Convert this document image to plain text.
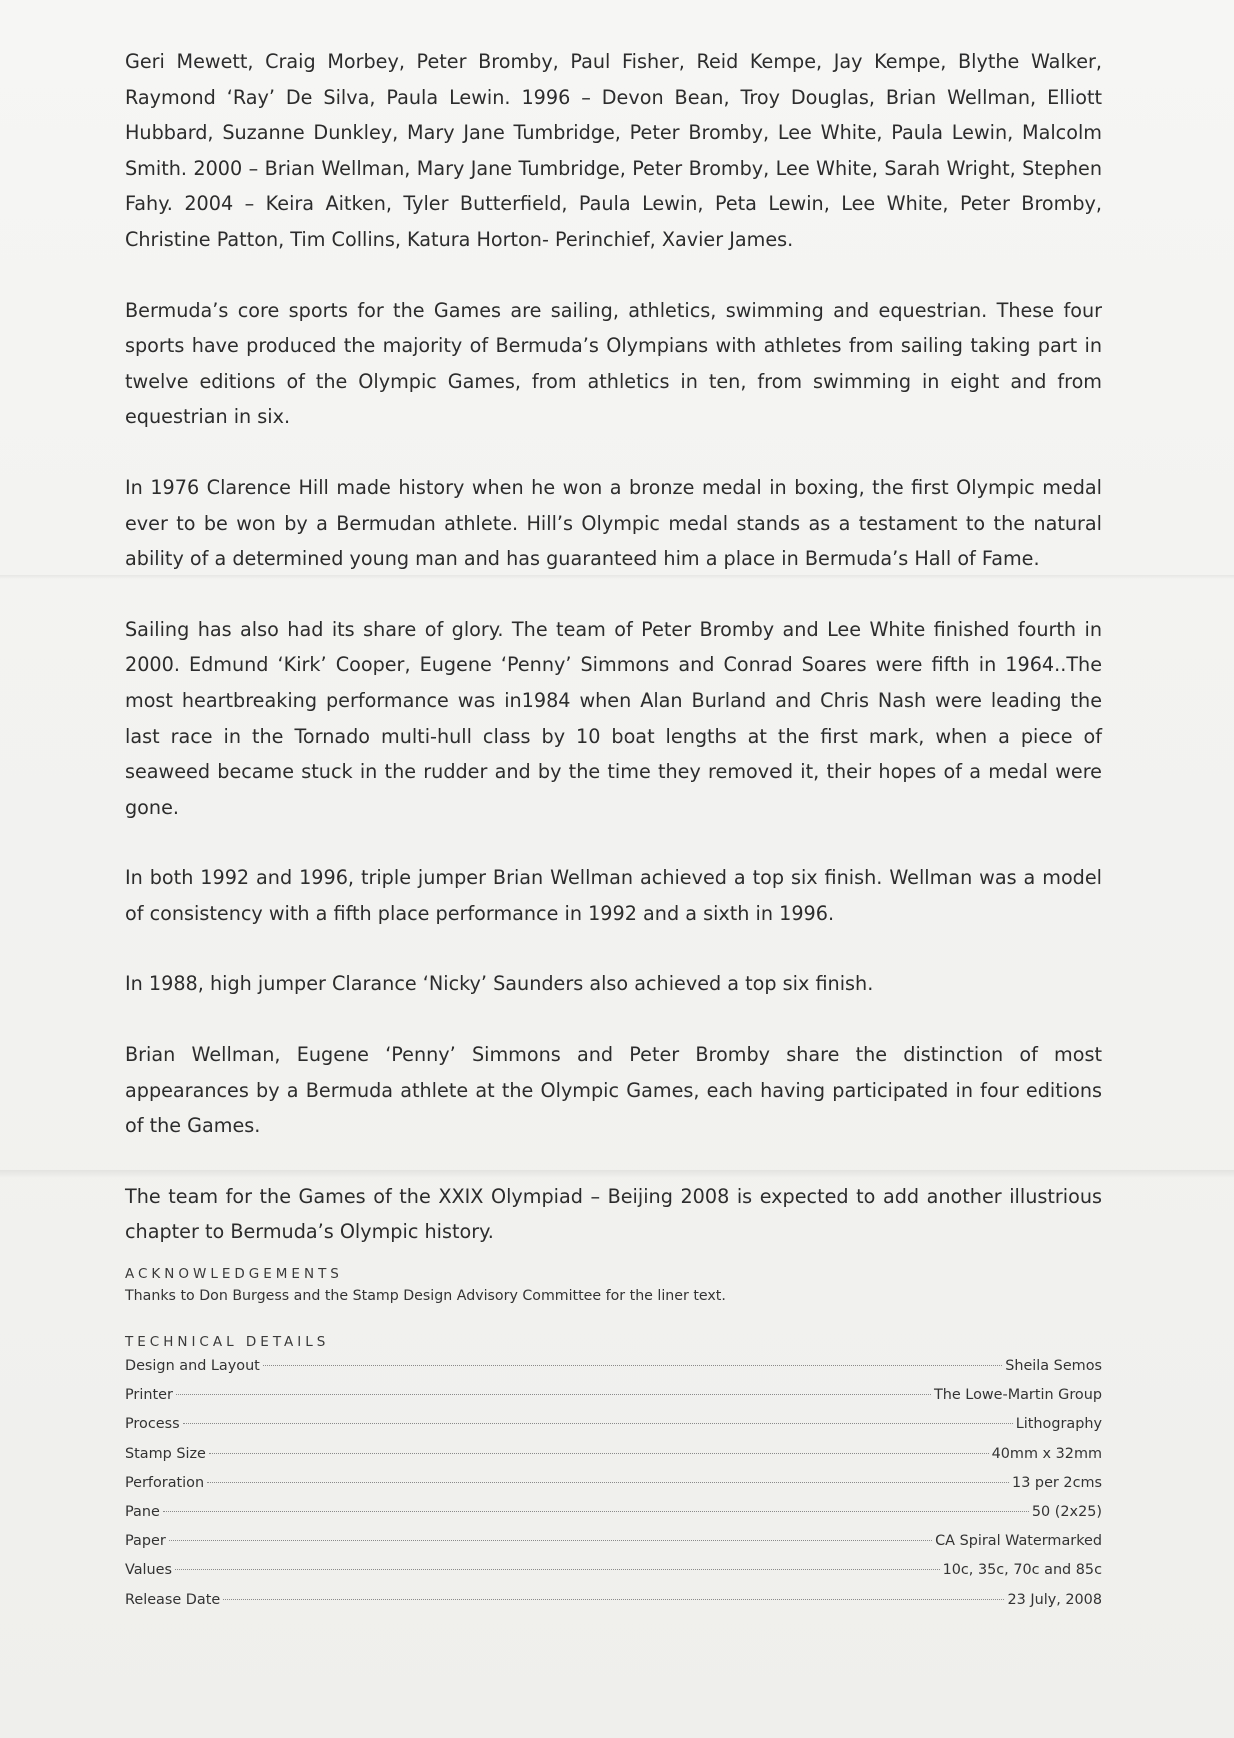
Geri Mewett, Craig Morbey, Peter Bromby, Paul Fisher, Reid Kempe, Jay Kempe, Blythe Walker, Raymond ‘Ray’ De Silva, Paula Lewin. 1996 – Devon Bean, Troy Douglas, Brian Wellman, Elliott Hubbard, Suzanne Dunkley, Mary Jane Tumbridge, Peter Bromby, Lee White, Paula Lewin, Malcolm Smith. 2000 – Brian Wellman, Mary Jane Tumbridge, Peter Bromby, Lee White, Sarah Wright, Stephen Fahy. 2004 – Keira Aitken, Tyler Butterfield, Paula Lewin, Peta Lewin, Lee White, Peter Bromby, Christine Patton, Tim Collins, Katura Horton- Perinchief, Xavier James.

Bermuda’s core sports for the Games are sailing, athletics, swimming and equestrian. These four sports have produced the majority of Bermuda’s Olympians with athletes from sailing taking part in twelve editions of the Olympic Games, from athletics in ten, from swimming in eight and from equestrian in six.

In 1976 Clarence Hill made history when he won a bronze medal in boxing, the first Olympic medal ever to be won by a Bermudan athlete. Hill’s Olympic medal stands as a testament to the natural ability of a determined young man and has guaranteed him a place in Bermuda’s Hall of Fame.

Sailing has also had its share of glory. The team of Peter Bromby and Lee White finished fourth in 2000. Edmund ‘Kirk’ Cooper, Eugene ‘Penny’ Simmons and Conrad Soares were fifth in 1964..The most heartbreaking performance was in1984 when Alan Burland and Chris Nash were leading the last race in the Tornado multi-hull class by 10 boat lengths at the first mark, when a piece of seaweed became stuck in the rudder and by the time they removed it, their hopes of a medal were gone.

In both 1992 and 1996, triple jumper Brian Wellman achieved a top six finish. Wellman was a model of consistency with a fifth place performance in 1992 and a sixth in 1996.

In 1988, high jumper Clarance ‘Nicky’ Saunders also achieved a top six finish.

Brian Wellman, Eugene ‘Penny’ Simmons and Peter Bromby share the distinction of most appearances by a Bermuda athlete at the Olympic Games, each having participated in four editions of the Games.

The team for the Games of the XXIX Olympiad – Beijing 2008 is expected to add another illustrious chapter to Bermuda’s Olympic history.

ACKNOWLEDGEMENTS
Thanks to Don Burgess and the Stamp Design Advisory Committee for the liner text.
TECHNICAL DETAILS
Design and Layout	Sheila Semos
Printer	The Lowe-Martin Group
Process	Lithography
Stamp Size	40mm x 32mm
Perforation	13 per 2cms
Pane	50 (2x25)
Paper	CA Spiral Watermarked
Values	10c, 35c, 70c and 85c
Release Date	23 July, 2008
